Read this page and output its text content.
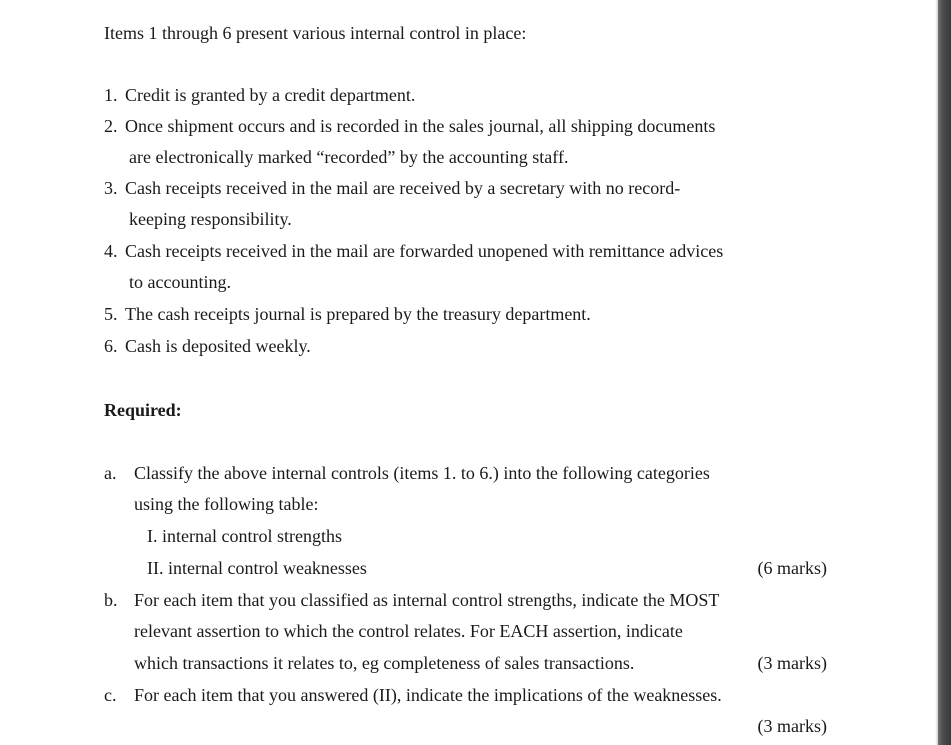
Items 1 through 6 present various internal control in place:
1. Credit is granted by a credit department.
2. Once shipment occurs and is recorded in the sales journal, all shipping documents
are electronically marked “recorded” by the accounting staff.
3. Cash receipts received in the mail are received by a secretary with no record-
keeping responsibility.
4. Cash receipts received in the mail are forwarded unopened with remittance advices
to accounting.
5. The cash receipts journal is prepared by the treasury department.
6. Cash is deposited weekly.
Required:
a. Classify the above internal controls (items 1. to 6.) into the following categories
using the following table:
I. internal control strengths
II. internal control weaknesses	(6 marks)
b. For each item that you classified as internal control strengths, indicate the MOST
relevant assertion to which the control relates. For EACH assertion, indicate
which transactions it relates to, eg completeness of sales transactions.	(3 marks)
c. For each item that you answered (II), indicate the implications of the weaknesses.
(3 marks)
